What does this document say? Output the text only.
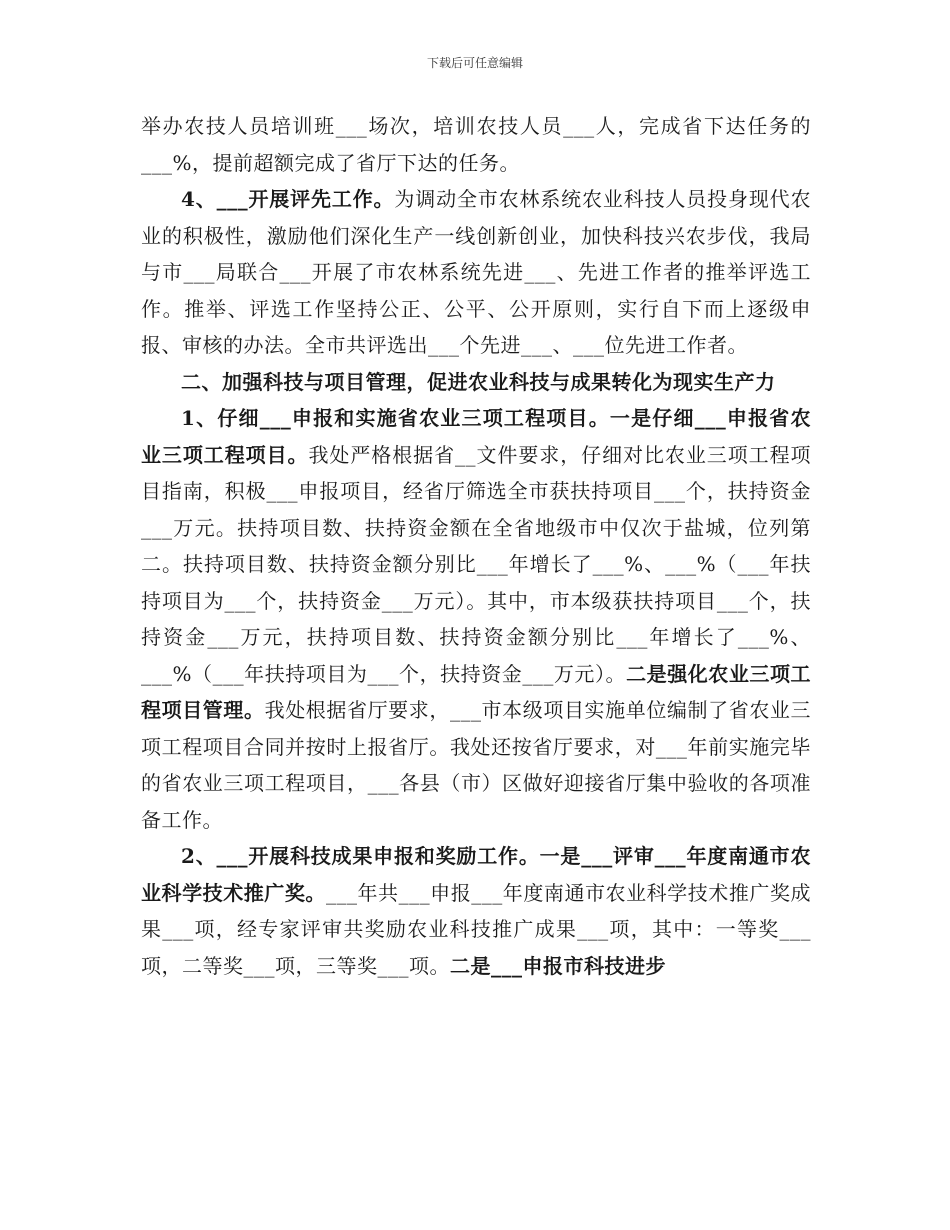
下载后可任意编辑

举办农技人员培训班___场次，培训农技人员___人，完成省下达任务的___%，提前超额完成了省厅下达的任务。

4、___开展评先工作。为调动全市农林系统农业科技人员投身现代农业的积极性，激励他们深化生产一线创新创业，加快科技兴农步伐，我局与市___局联合___开展了市农林系统先进___、先进工作者的推举评选工作。推举、评选工作坚持公正、公平、公开原则，实行自下而上逐级申报、审核的办法。全市共评选出___个先进___、___位先进工作者。

二、加强科技与项目管理，促进农业科技与成果转化为现实生产力

1、仔细___申报和实施省农业三项工程项目。一是仔细___申报省农业三项工程项目。我处严格根据省__文件要求，仔细对比农业三项工程项目指南，积极___申报项目，经省厅筛选全市获扶持项目___个，扶持资金___万元。扶持项目数、扶持资金额在全省地级市中仅次于盐城，位列第二。扶持项目数、扶持资金额分别比___年增长了___%、___%（___年扶持项目为___个，扶持资金___万元）。其中，市本级获扶持项目___个，扶持资金___万元，扶持项目数、扶持资金额分别比___年增长了___%、___%（___年扶持项目为___个，扶持资金___万元）。二是强化农业三项工程项目管理。我处根据省厅要求，___市本级项目实施单位编制了省农业三项工程项目合同并按时上报省厅。我处还按省厅要求，对___年前实施完毕的省农业三项工程项目，___各县（市）区做好迎接省厅集中验收的各项准备工作。

2、___开展科技成果申报和奖励工作。一是___评审___年度南通市农业科学技术推广奖。___年共___申报___年度南通市农业科学技术推广奖成果___项，经专家评审共奖励农业科技推广成果___项，其中：一等奖___项，二等奖___项，三等奖___项。二是___申报市科技进步
